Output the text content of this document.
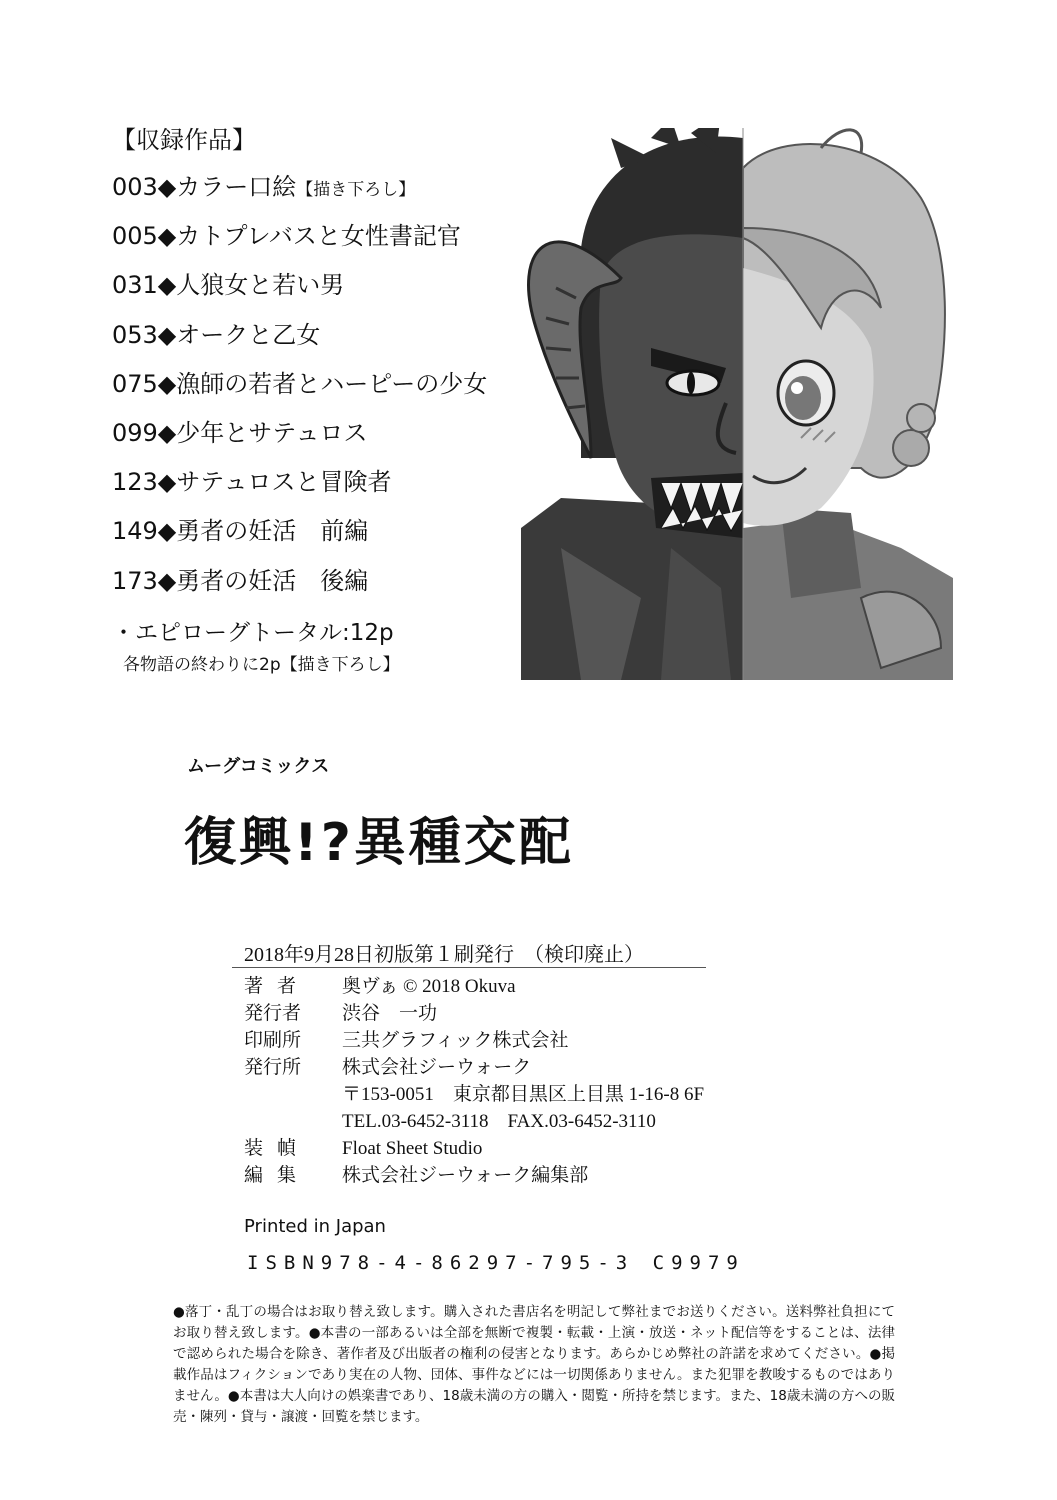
【収録作品】
003◆カラー口絵【描き下ろし】
005◆カトプレバスと女性書記官
031◆人狼女と若い男
053◆オークと乙女
075◆漁師の若者とハーピーの少女
099◆少年とサテュロス
123◆サテュロスと冒険者
149◆勇者の妊活　前編
173◆勇者の妊活　後編
・エピローグトータル:12p
各物語の終わりに2p【描き下ろし】
ムーグコミックス
復興!?異種交配
2018年9月28日初版第１刷発行　（検印廃止）
著者	奥ヴぁ © 2018 Okuva
発行者	渋谷　一功
印刷所	三共グラフィック株式会社
発行所	株式会社ジーウォーク
〒153-0051　東京都目黒区上目黒 1-16-8 6F
TEL.03-6452-3118　FAX.03-6452-3110
装幀	Float Sheet Studio
編集	株式会社ジーウォーク編集部
Printed in Japan
ISBN978-4-86297-795-3 C9979
●落丁・乱丁の場合はお取り替え致します。購入された書店名を明記して弊社までお送りください。送料弊社負担にてお取り替え致します。●本書の一部あるいは全部を無断で複製・転載・上演・放送・ネット配信等をすることは、法律で認められた場合を除き、著作者及び出版者の権利の侵害となります。あらかじめ弊社の許諾を求めてください。●掲載作品はフィクションであり実在の人物、団体、事件などには一切関係ありません。また犯罪を教唆するものではありません。●本書は大人向けの娯楽書であり、18歳未満の方の購入・閲覧・所持を禁じます。また、18歳未満の方への販売・陳列・貸与・譲渡・回覧を禁じます。
